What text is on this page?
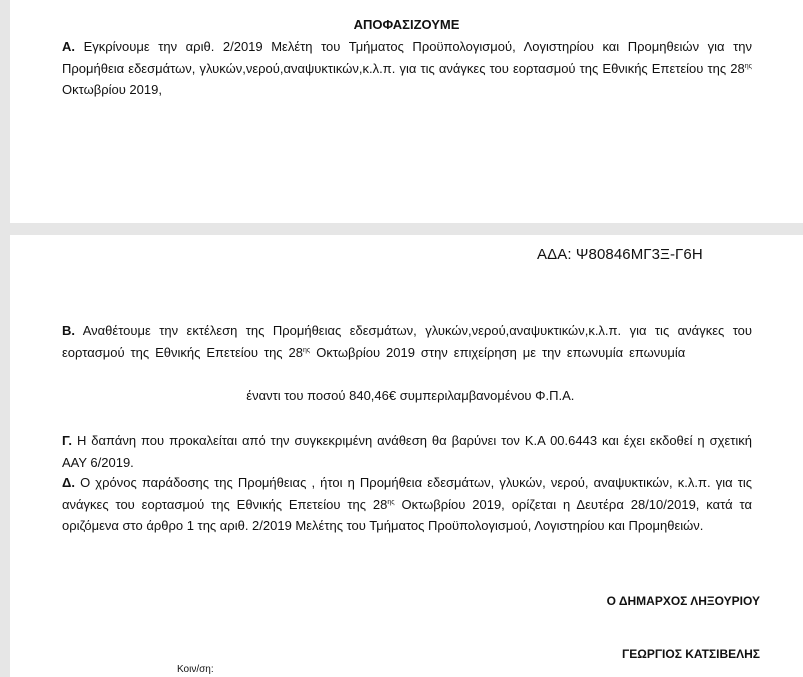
ΑΠΟΦΑΣΙΖΟΥΜΕ
Α. Εγκρίνουμε την αριθ. 2/2019 Μελέτη του Τμήματος Προϋπολογισμού, Λογιστηρίου και Προμηθειών για την Προμήθεια εδεσμάτων, γλυκών,νερού,αναψυκτικών,κ.λ.π. για τις ανάγκες του εορτασμού της Εθνικής Επετείου της $28^{\eta\varsigma}$ Οκτωβρίου 2019,
ΑΔΑ: Ψ80846ΜΓ3Ξ-Γ6Η
Β. Αναθέτουμε την εκτέλεση της Προμήθειας εδεσμάτων, γλυκών,νερού,αναψυκτικών,κ.λ.π. για τις ανάγκες του εορτασμού της Εθνικής Επετείου της $28^{\eta\varsigma}$ Οκτωβρίου 2019 στην επιχείρηση με την επωνυμία επωνυμία έναντι του ποσού 840,46€ συμπεριλαμβανομένου Φ.Π.Α.
Γ. Η δαπάνη που προκαλείται από την συγκεκριμένη ανάθεση θα βαρύνει τον Κ.Α 00.6443 και έχει εκδοθεί η σχετική ΑΑΥ 6/2019.
Δ. Ο χρόνος παράδοσης της Προμήθειας , ήτοι η Προμήθεια εδεσμάτων, γλυκών, νερού, αναψυκτικών, κ.λ.π. για τις ανάγκες του εορτασμού της Εθνικής Επετείου της $28^{\eta\varsigma}$ Οκτωβρίου 2019, ορίζεται η Δευτέρα 28/10/2019, κατά τα οριζόμενα στο άρθρο 1 της αριθ. 2/2019 Μελέτης του Τμήματος Προϋπολογισμού, Λογιστηρίου και Προμηθειών.
Ο ΔΗΜΑΡΧΟΣ ΛΗΞΟΥΡΙΟΥ
ΓΕΩΡΓΙΟΣ ΚΑΤΣΙΒΕΛΗΣ
Κοιν/ση:
